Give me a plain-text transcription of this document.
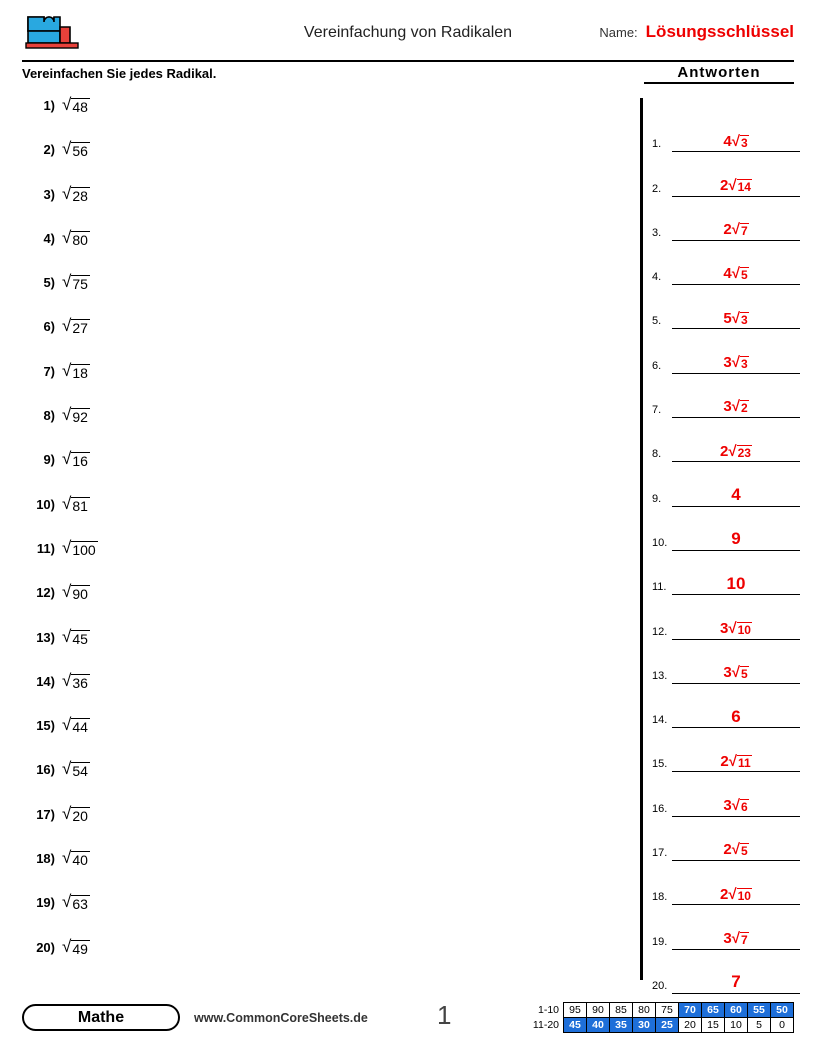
Vereinfachung von Radikalen	Name: Lösungsschlüssel
Vereinfachen Sie jedes Radikal.	Antworten
1) √ 48
2) √ 56
3) √ 28
4) √ 80
5) √ 75
6) √ 27
7) √ 18
8) √ 92
9) √ 16
10) √ 81
11) √ 100
12) √ 90
13) √ 45
14) √ 36
15) √ 44
16) √ 54
17) √ 20
18) √ 40
19) √ 63
20) √ 49
1.	4 √ 3
2.	2 √ 14
3.	2 √ 7
4.	4 √ 5
5.	5 √ 3
6.	3 √ 3
7.	3 √ 2
8.	2 √ 23
9.	4
10.	9
11.	10
12.	3 √ 10
13.	3 √ 5
14.	6
15.	2 √ 11
16.	3 √ 6
17.	2 √ 5
18.	2 √ 10
19.	3 √ 7
20.	7
Mathe	www.CommonCoreSheets.de	1	1-10	95	90	85	80	75	70	65	60	55	50
11-20	45	40	35	30	25	20	15	10	5	0
